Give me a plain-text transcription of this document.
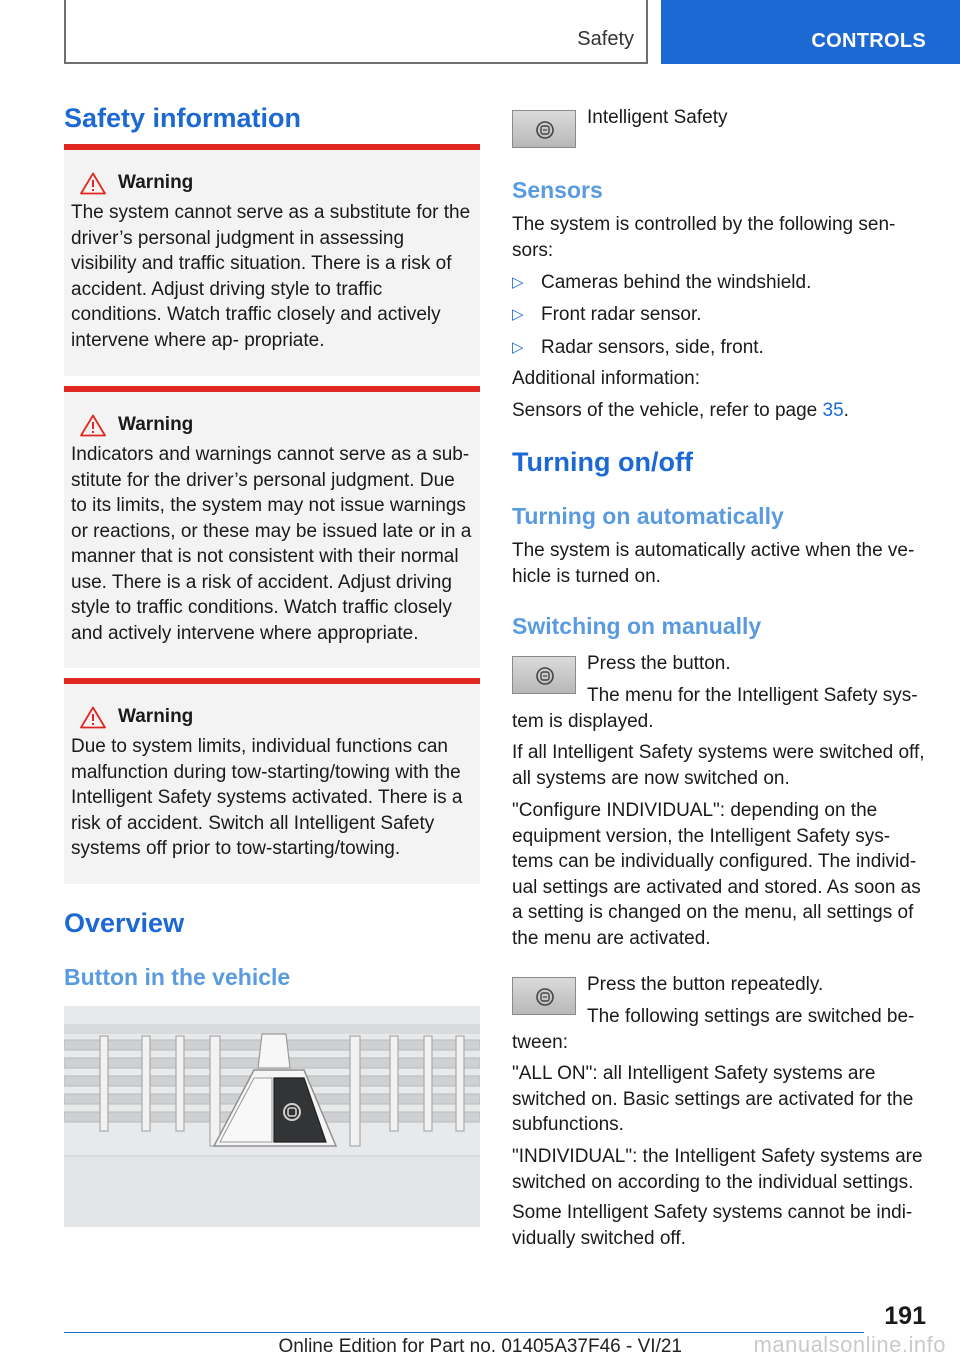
Safety	CONTROLS
Safety information
Warning
The system cannot serve as a substitute for the driver’s personal judgment in assessing visibility and traffic situation. There is a risk of accident. Adjust driving style to traffic conditions. Watch traffic closely and actively intervene where ap‐ propriate.
Warning
Indicators and warnings cannot serve as a sub‐ stitute for the driver’s personal judgment. Due to its limits, the system may not issue warnings or reactions, or these may be issued late or in a manner that is not consistent with their normal use. There is a risk of accident. Adjust driving style to traffic conditions. Watch traffic closely and actively intervene where appropriate.
Warning
Due to system limits, individual functions can malfunction during tow-starting/towing with the Intelligent Safety systems activated. There is a risk of accident. Switch all Intelligent Safety systems off prior to tow-starting/towing.
Overview
Button in the vehicle
Intelligent Safety
Sensors

The system is controlled by the following sen‐ sors:

▷ Cameras behind the windshield.
▷ Front radar sensor.
▷ Radar sensors, side, front.

Additional information:

Sensors of the vehicle, refer to page 35.

Turning on/off
Turning on automatically

The system is automatically active when the ve‐ hicle is turned on.

Switching on manually

Press the button.

The menu for the Intelligent Safety sys‐ tem is displayed.

If all Intelligent Safety systems were switched off, all systems are now switched on.

"Configure INDIVIDUAL": depending on the equipment version, the Intelligent Safety sys‐ tems can be individually configured. The individ‐ ual settings are activated and stored. As soon as a setting is changed on the menu, all settings of the menu are activated.

Press the button repeatedly.

The following settings are switched be‐ tween:

"ALL ON": all Intelligent Safety systems are switched on. Basic settings are activated for the subfunctions.

"INDIVIDUAL": the Intelligent Safety systems are switched on according to the individual settings.

Some Intelligent Safety systems cannot be indi‐ vidually switched off.

191
Online Edition for Part no. 01405A37F46 - VI/21	manualsonline.info
